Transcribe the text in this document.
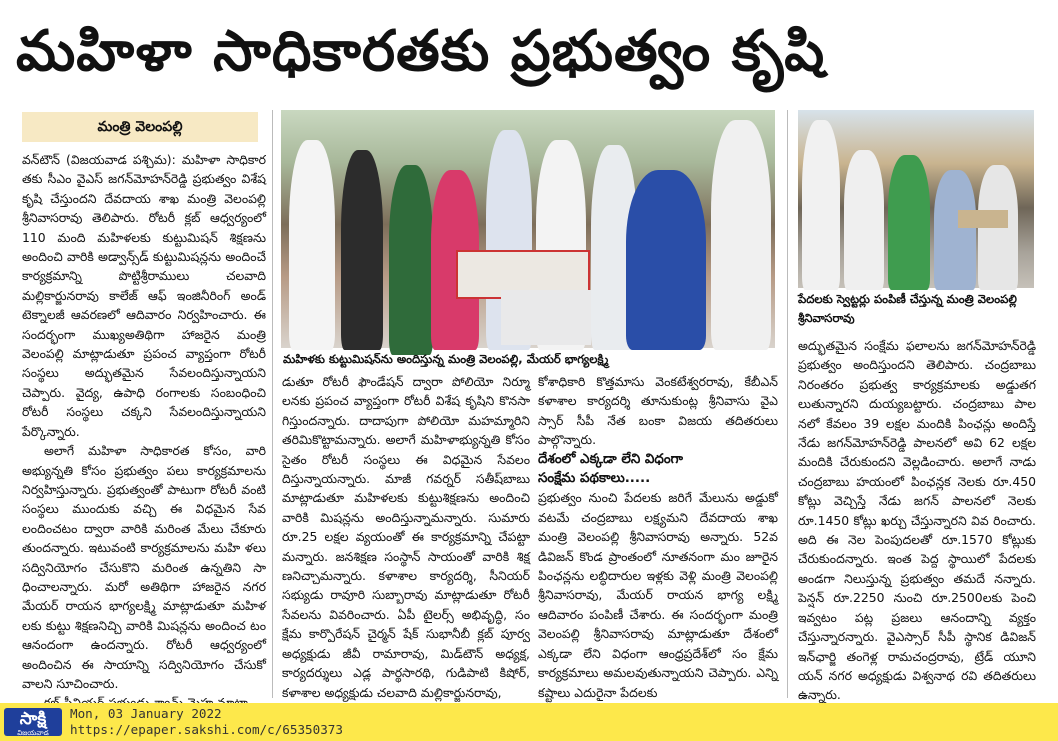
మహిళా సాధికారతకు ప్రభుత్వం కృషి
మంత్రి వెలంపల్లి

వన్‌టౌన్ (విజయవాడ పశ్చిమ): మహిళా సాధికార తకు సీఎం వైఎస్ జగన్‌మోహన్‌రెడ్డి ప్రభుత్వం విశేష కృషి చేస్తుందని దేవదాయ శాఖ మంత్రి వెలంపల్లి శ్రీనివాసరావు తెలిపారు. రోటరీ క్లబ్ ఆధ్వర్యంలో 110 మంది మహిళలకు కుట్టుమిషన్ శిక్షణను అందించి వారికి అడ్వాన్స్‌డ్ కుట్టుమిషన్లను అందించే కార్యక్రమాన్ని పొట్టిశ్రీరాములు చలవాది మల్లికార్జునరావు కాలేజ్ ఆఫ్ ఇంజినీరింగ్ అండ్ టెక్నాలజీ ఆవరణలో ఆదివారం నిర్వహించారు. ఈ సందర్భంగా ముఖ్యఅతిథిగా హాజరైన మంత్రి వెలంపల్లి మాట్లాడుతూ ప్రపంచ వ్యాప్తంగా రోటరీ సంస్థలు అద్భుతమైన సేవలందిస్తున్నాయని చెప్పారు. వైద్య, ఉపాధి రంగాలకు సంబంధించి రోటరీ సంస్థలు చక్కని సేవలందిస్తున్నాయని పేర్కొన్నారు.

అలాగే మహిళా సాధికారత కోసం, వారి అభ్యున్నతి కోసం ప్రభుత్వం పలు కార్యక్రమాలను నిర్వహిస్తున్నారు. ప్రభుత్వంతో పాటుగా రోటరీ వంటి సంస్థలు ముందుకు వచ్చి ఈ విధమైన సేవ లందించటం ద్వారా వారికి మరింత మేలు చేకూరు తుందన్నారు. ఇటువంటి కార్యక్రమాలను మహి ళలు సద్వినియోగం చేసుకొని మరింత ఉన్నతిని సా ధించాలన్నారు. మరో అతిథిగా హాజరైన నగర మేయర్ రాయన భాగ్యలక్ష్మి మాట్లాడుతూ మహిళ లకు కుట్టు శిక్షణనిచ్చి వారికి మిషన్లను అందించ టం ఆనందంగా ఉందన్నారు. రోటరీ ఆధ్వర్యంలో అందించిన ఈ సాయాన్ని సద్వినియోగం చేసుకో వాలని సూచించారు.

మహిళకు కుట్టుమిషన్‌ను అందిస్తున్న మంత్రి వెలంపల్లి, మేయర్ భాగ్యలక్ష్మి
పేదలకు స్వెట్టర్లు పంపిణీ చేస్తున్న మంత్రి వెలంపల్లి శ్రీనివాసరావు

డుతూ రోటరీ ఫౌండేషన్ ద్వారా పోలియో నిర్మూ లనకు ప్రపంచ వ్యాప్తంగా రోటరీ విశేష కృషిని కొనసా గిస్తుందన్నారు. దాదాపుగా పోలియో మహమ్మారిని తరిమికొట్టామన్నారు. అలాగే మహిళాభ్యున్నతి కోసం సైతం రోటరీ సంస్థలు ఈ విధమైన సేవలం దిస్తున్నాయన్నారు. మాజీ గవర్నర్ సతీష్‌బాబు మాట్లాడుతూ మహిళలకు కుట్టుశిక్షణను అందించి వారికి మిషన్లను అందిస్తున్నామన్నారు. సుమారు రూ.25 లక్షల వ్యయంతో ఈ కార్యక్రమాన్ని చేపట్టా మన్నారు. జనశిక్షణ సంస్థాన్ సాయంతో వారికి శిక్ష ణనిచ్చామన్నారు. కళాశాల కార్యదర్శి, సీనియర్ సభ్యుడు రావూరి సుబ్బారావు మాట్లాడుతూ రోటరీ సేవలను వివరించారు. ఏపీ టైలర్స్ అభివృద్ధి, సం క్షేమ కార్పొరేషన్ చైర్మన్ షేక్ సుభానీబీ క్లబ్ పూర్వ అధ్యక్షుడు జీవీ రామారావు, మిడ్‌టౌన్ అధ్యక్ష, కార్యదర్శులు ఎడ్ల పార్థసారథి, గుడిపాటి కిషోర్, కళాశాల అధ్యక్షుడు చలవాది మల్లికార్జునరావు,

కోశాధికారి కొత్తమాసు వెంకటేశ్వరరావు, కేబీఎన్ కళాశాల కార్యదర్శి తూనుకుంట్ల శ్రీనివాసు వైఎ స్సార్ సీపీ నేత బంకా విజయ తదితరులు పాల్గొన్నారు.

దేశంలో ఎక్కడా లేని విధంగా

సంక్షేమ పథకాలు.....

ప్రభుత్వం నుంచి పేదలకు జరిగే మేలును అడ్డుకో వటమే చంద్రబాబు లక్ష్యమని దేవదాయ శాఖ మంత్రి వెలంపల్లి శ్రీనివాసరావు అన్నారు. 52వ డివిజన్ కొండ ప్రాంతంలో నూతనంగా మం జూరైన పింఛన్లను లబ్ధిదారుల ఇళ్లకు వెళ్లి మంత్రి వెలంపల్లి శ్రీనివాసరావు, మేయర్ రాయన భాగ్య లక్ష్మి ఆదివారం పంపిణీ చేశారు. ఈ సందర్భంగా మంత్రి వెలంపల్లి శ్రీనివాసరావు మాట్లాడుతూ దేశంలో ఎక్కడా లేని విధంగా ఆంధ్రప్రదేశ్‌లో సం క్షేమ కార్యక్రమాలు అమలవుతున్నాయని చెప్పారు. ఎన్ని కష్టాలు ఎదురైనా పేదలకు

అద్భుతమైన సంక్షేమ ఫలాలను జగన్‌మోహన్‌రెడ్డి ప్రభుత్వం అందిస్తుందని తెలిపారు. చంద్రబాబు నిరంతరం ప్రభుత్వ కార్యక్రమాలకు అడ్డుతగ లుతున్నారని దుయ్యబట్టారు. చంద్రబాబు పాల నలో కేవలం 39 లక్షల మందికి పింఛన్లు అందిస్తే నేడు జగన్‌మోహన్‌రెడ్డి పాలనలో అవి 62 లక్షల మందికి చేరుకుందని వెల్లడించారు. అలాగే నాడు చంద్రబాబు హయంలో పింఛన్లక నెలకు రూ.450 కోట్లు వెచ్చిస్తే నేడు జగన్ పాలనలో నెలకు రూ.1450 కోట్లు ఖర్చు చేస్తున్నారని వివ రించారు. అది ఈ నెల పెంపుదలతో రూ.1570 కోట్లుకు చేరుకుందన్నారు. ఇంత పెద్ద స్థాయిలో పేదలకు అండగా నిలుస్తున్న ప్రభుత్వం తమదే నన్నారు. పెన్షన్ రూ.2250 నుంచి రూ.2500లకు పెంచి ఇవ్వటం పట్ల ప్రజలు ఆనందాన్ని వ్యక్తం చేస్తున్నారన్నారు. వైఎస్సార్ సీపీ స్థానిక డివిజన్ ఇన్‌ఛార్జి తంగెళ్ల రామచంద్రరావు, ట్రేడ్ యూని యన్ నగర అధ్యక్షుడు విశ్వనాథ రవి తదితరులు ఉన్నారు.

సాక్షి
విజయవాడ
Mon, 03 January 2022
https://epaper.sakshi.com/c/65350373
